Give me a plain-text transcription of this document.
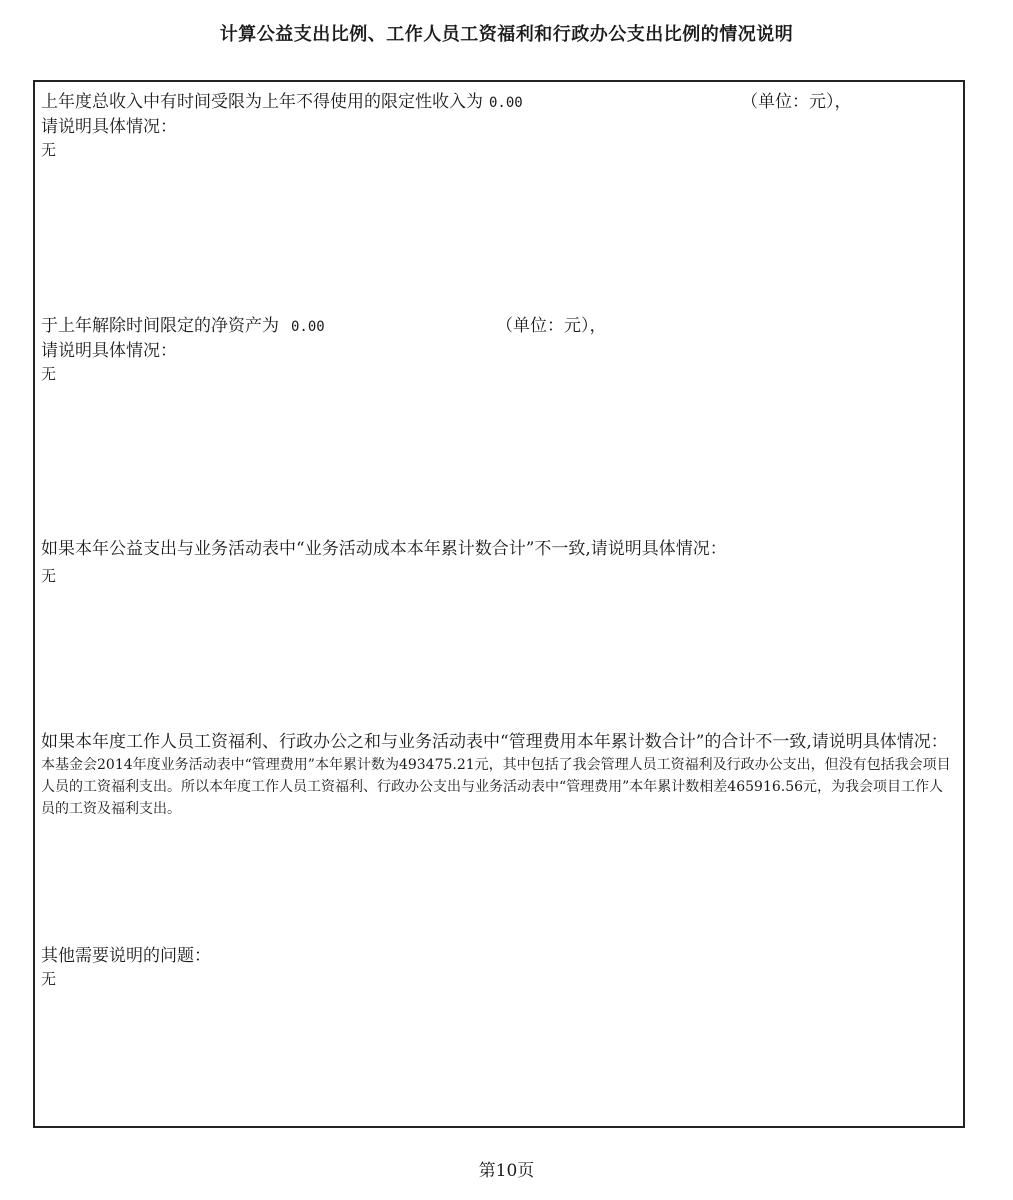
计算公益支出比例、工作人员工资福利和行政办公支出比例的情况说明
上年度总收入中有时间受限为上年不得使用的限定性收入为 0.00	（单位：元），
请说明具体情况：
无
于上年解除时间限定的净资产为 0.00	（单位：元），
请说明具体情况：
无
如果本年公益支出与业务活动表中“业务活动成本本年累计数合计”不一致,请说明具体情况：
无
如果本年度工作人员工资福利、行政办公之和与业务活动表中“管理费用本年累计数合计”的合计不一致,请说明具体情况：
本基金会2014年度业务活动表中“管理费用”本年累计数为493475.21元，其中包括了我会管理人员工资福利及行政办公支出，但没有包括我会项目人员的工资福利支出。所以本年度工作人员工资福利、行政办公支出与业务活动表中“管理费用”本年累计数相差465916.56元，为我会项目工作人员的工资及福利支出。
其他需要说明的问题：
无
第10页
